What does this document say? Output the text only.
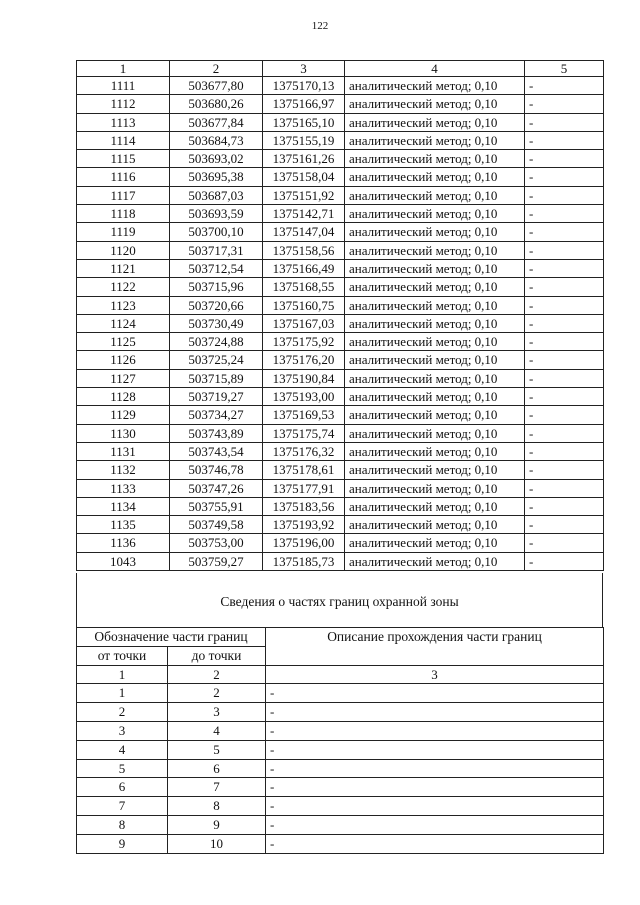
122
1	2	3	4	5
1111	503677,80	1375170,13	аналитический метод; 0,10	-
1112	503680,26	1375166,97	аналитический метод; 0,10	-
1113	503677,84	1375165,10	аналитический метод; 0,10	-
1114	503684,73	1375155,19	аналитический метод; 0,10	-
1115	503693,02	1375161,26	аналитический метод; 0,10	-
1116	503695,38	1375158,04	аналитический метод; 0,10	-
1117	503687,03	1375151,92	аналитический метод; 0,10	-
1118	503693,59	1375142,71	аналитический метод; 0,10	-
1119	503700,10	1375147,04	аналитический метод; 0,10	-
1120	503717,31	1375158,56	аналитический метод; 0,10	-
1121	503712,54	1375166,49	аналитический метод; 0,10	-
1122	503715,96	1375168,55	аналитический метод; 0,10	-
1123	503720,66	1375160,75	аналитический метод; 0,10	-
1124	503730,49	1375167,03	аналитический метод; 0,10	-
1125	503724,88	1375175,92	аналитический метод; 0,10	-
1126	503725,24	1375176,20	аналитический метод; 0,10	-
1127	503715,89	1375190,84	аналитический метод; 0,10	-
1128	503719,27	1375193,00	аналитический метод; 0,10	-
1129	503734,27	1375169,53	аналитический метод; 0,10	-
1130	503743,89	1375175,74	аналитический метод; 0,10	-
1131	503743,54	1375176,32	аналитический метод; 0,10	-
1132	503746,78	1375178,61	аналитический метод; 0,10	-
1133	503747,26	1375177,91	аналитический метод; 0,10	-
1134	503755,91	1375183,56	аналитический метод; 0,10	-
1135	503749,58	1375193,92	аналитический метод; 0,10	-
1136	503753,00	1375196,00	аналитический метод; 0,10	-
1043	503759,27	1375185,73	аналитический метод; 0,10	-
Сведения о частях границ охранной зоны
Обозначение части границ		Описание прохождения части границ
от точки	до точки	
1	2	3
1	2	-
2	3	-
3	4	-
4	5	-
5	6	-
6	7	-
7	8	-
8	9	-
9	10	-
